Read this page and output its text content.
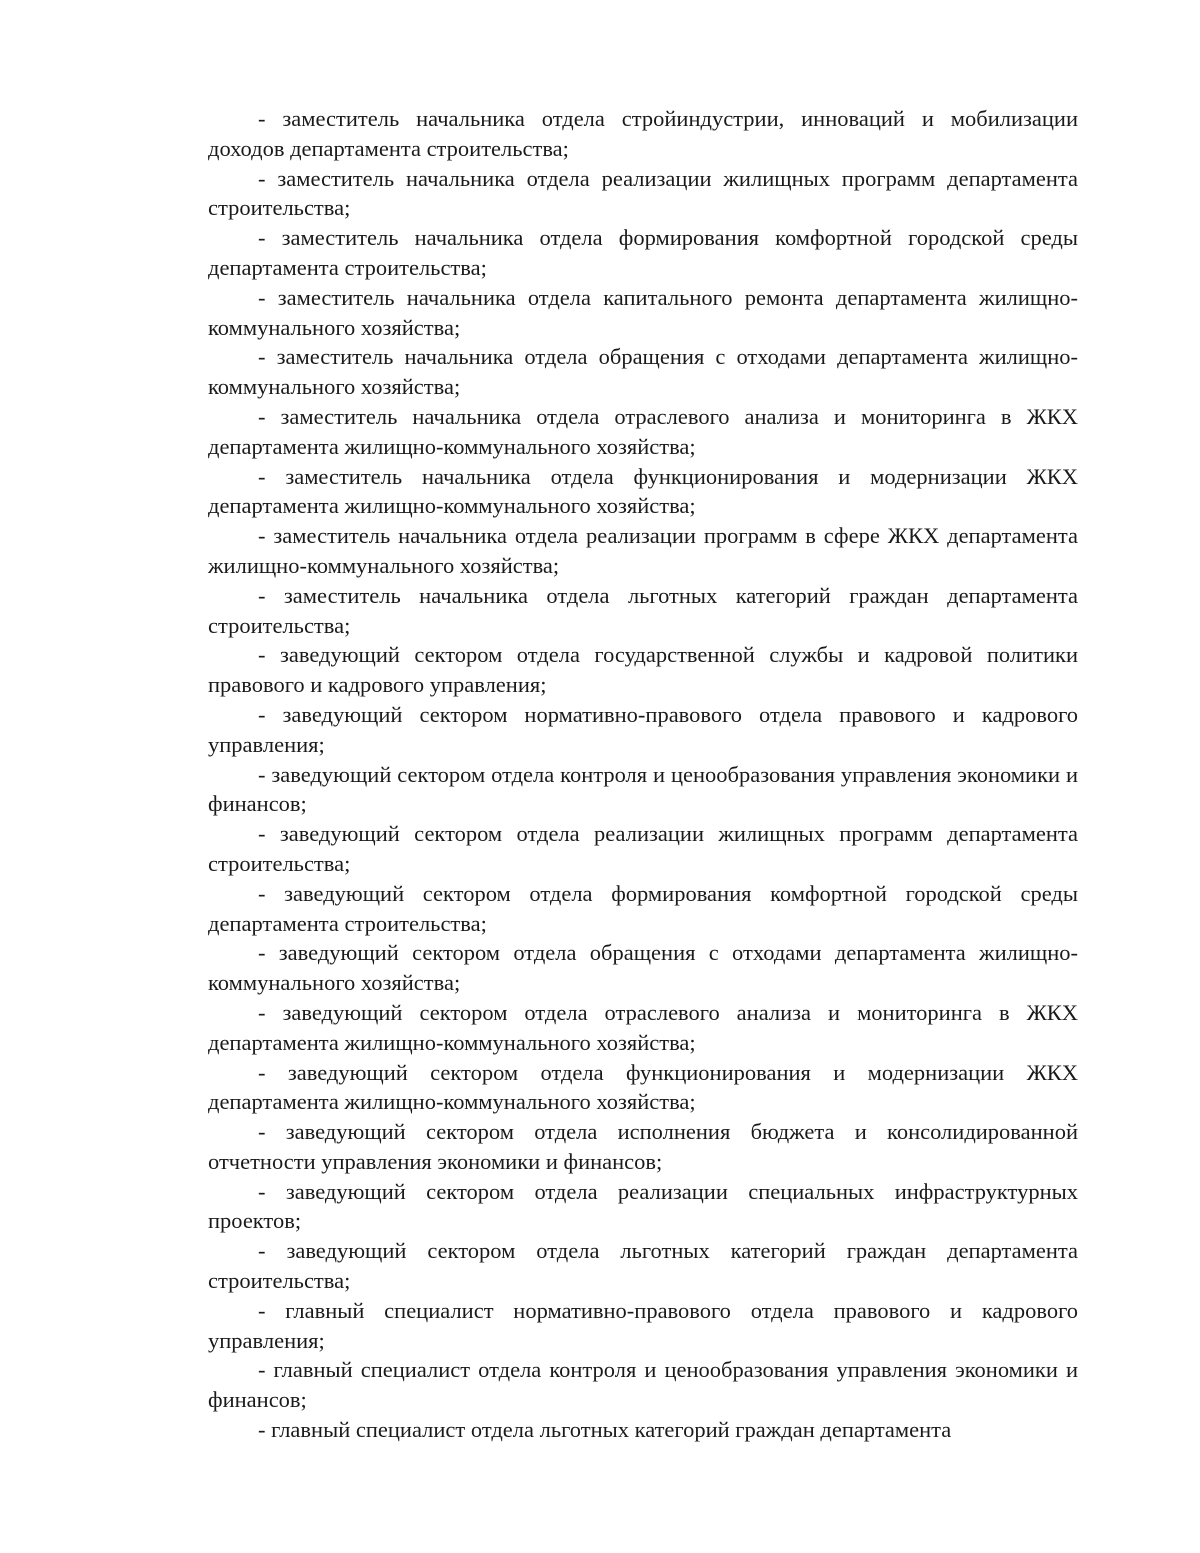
- заместитель начальника отдела стройиндустрии, инноваций и мобилизации доходов департамента строительства;

- заместитель начальника отдела реализации жилищных программ департамента строительства;

- заместитель начальника отдела формирования комфортной городской среды департамента строительства;

- заместитель начальника отдела капитального ремонта департамента жилищно-коммунального хозяйства;

- заместитель начальника отдела обращения с отходами департамента жилищно-коммунального хозяйства;

- заместитель начальника отдела отраслевого анализа и мониторинга в ЖКХ департамента жилищно-коммунального хозяйства;

- заместитель начальника отдела функционирования и модернизации ЖКХ департамента жилищно-коммунального хозяйства;

- заместитель начальника отдела реализации программ в сфере ЖКХ департамента жилищно-коммунального хозяйства;

- заместитель начальника отдела льготных категорий граждан департамента строительства;

- заведующий сектором отдела государственной службы и кадровой политики правового и кадрового управления;

- заведующий сектором нормативно-правового отдела правового и кадрового управления;

- заведующий сектором отдела контроля и ценообразования управления экономики и финансов;

- заведующий сектором отдела реализации жилищных программ департамента строительства;

- заведующий сектором отдела формирования комфортной городской среды департамента строительства;

- заведующий сектором отдела обращения с отходами департамента жилищно-коммунального хозяйства;

- заведующий сектором отдела отраслевого анализа и мониторинга в ЖКХ департамента жилищно-коммунального хозяйства;

- заведующий сектором отдела функционирования и модернизации ЖКХ департамента жилищно-коммунального хозяйства;

- заведующий сектором отдела исполнения бюджета и консолидированной отчетности управления экономики и финансов;

- заведующий сектором отдела реализации специальных инфраструктурных проектов;

- заведующий сектором отдела льготных категорий граждан департамента строительства;

- главный специалист нормативно-правового отдела правового и кадрового управления;

- главный специалист отдела контроля и ценообразования управления экономики и финансов;

- главный специалист отдела льготных категорий граждан департамента
